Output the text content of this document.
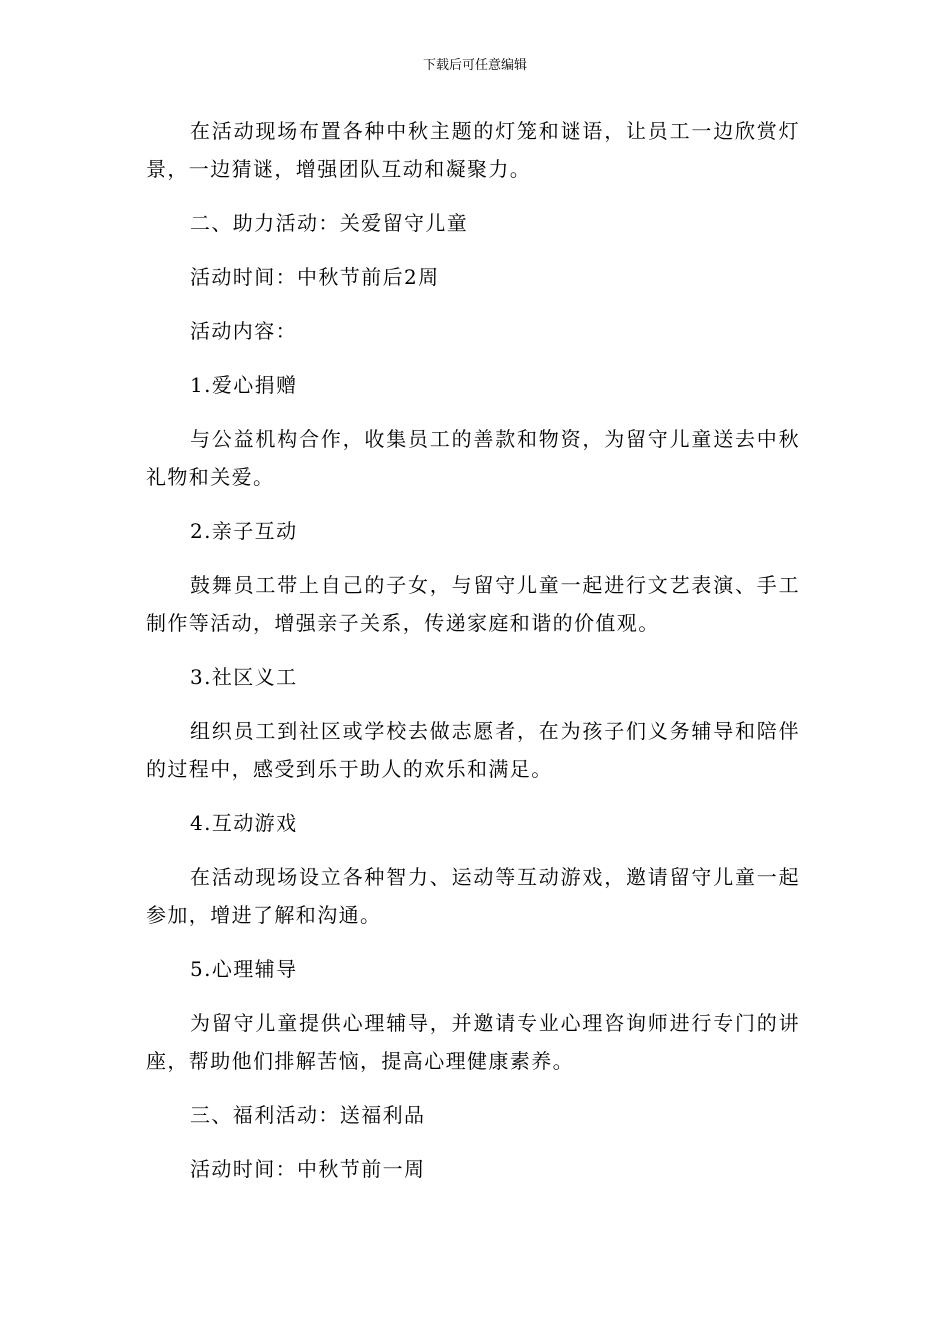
下载后可任意编辑

在活动现场布置各种中秋主题的灯笼和谜语，让员工一边欣赏灯景，一边猜谜，增强团队互动和凝聚力。

二、助力活动：关爱留守儿童

活动时间：中秋节前后2周

活动内容：

1.爱心捐赠

与公益机构合作，收集员工的善款和物资，为留守儿童送去中秋礼物和关爱。

2.亲子互动

鼓舞员工带上自己的子女，与留守儿童一起进行文艺表演、手工制作等活动，增强亲子关系，传递家庭和谐的价值观。

3.社区义工

组织员工到社区或学校去做志愿者，在为孩子们义务辅导和陪伴的过程中，感受到乐于助人的欢乐和满足。

4.互动游戏

在活动现场设立各种智力、运动等互动游戏，邀请留守儿童一起参加，增进了解和沟通。

5.心理辅导

为留守儿童提供心理辅导，并邀请专业心理咨询师进行专门的讲座，帮助他们排解苦恼，提高心理健康素养。

三、福利活动：送福利品

活动时间：中秋节前一周
